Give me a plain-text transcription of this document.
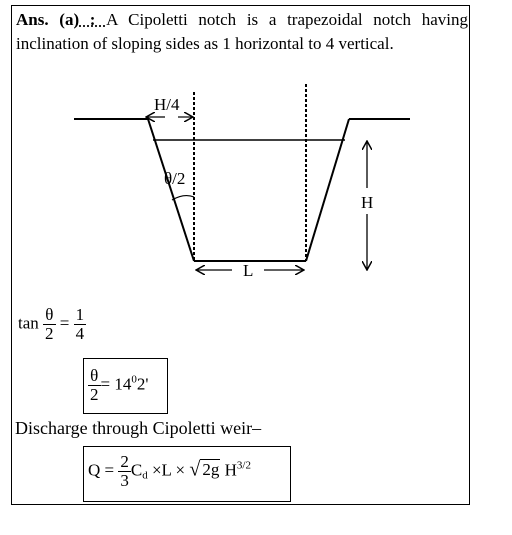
Ans. (a) : A Cipoletti notch is a trapezoidal notch having inclination of sloping sides as 1 horizontal to 4 vertical.
H/4
θ/2
H
L
$\tan \frac{\theta}{2} = \frac{1}{4}$
$\frac{\theta}{2} = 14^02'$
Discharge through Cipoletti weir–
$Q = \frac{2}{3} C_d \times L$ × √ 2g $H^{3/2}$
